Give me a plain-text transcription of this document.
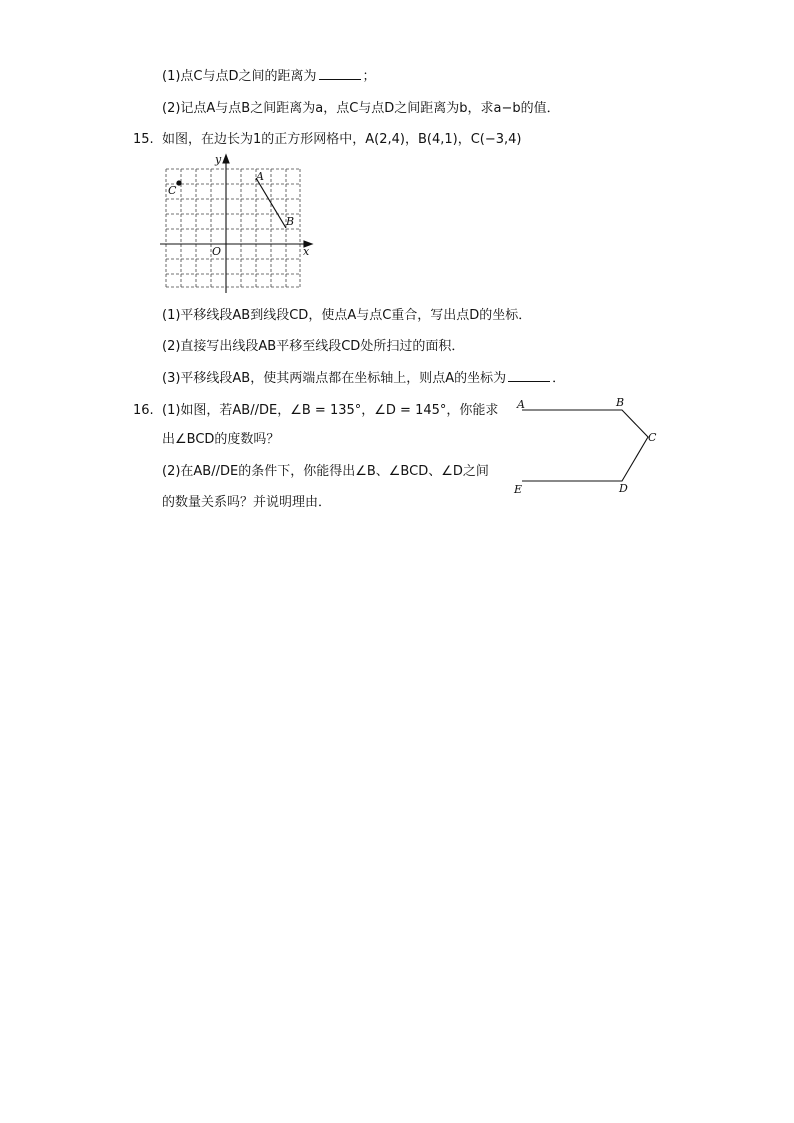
(1)点C与点D之间的距离为	；
(2)记点A与点B之间距离为a，点C与点D之间距离为b，求a−b的值．
15. 如图，在边长为1的正方形网格中，A(2,4)，B(4,1)，C(−3,4)
y
x
O
A
B
C
(1)平移线段AB到线段CD，使点A与点C重合，写出点D的坐标．
(2)直接写出线段AB平移至线段CD处所扫过的面积．
(3)平移线段AB，使其两端点都在坐标轴上，则点A的坐标为	．
16. (1)如图，若AB//DE，∠B = 135°，∠D = 145°，你能求
出∠BCD的度数吗？
(2)在AB//DE的条件下，你能得出∠B、∠BCD、∠D之间
的数量关系吗？并说明理由．
A	B
C
D
E
